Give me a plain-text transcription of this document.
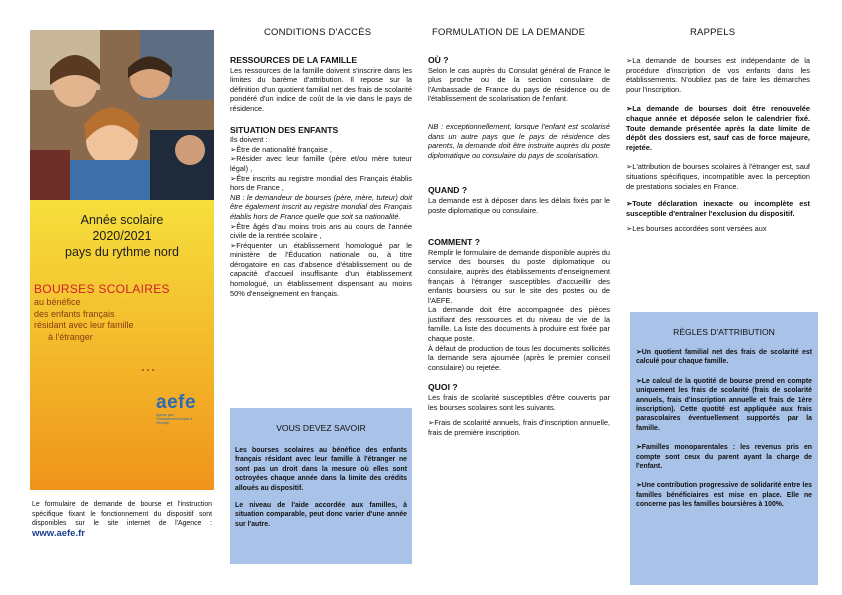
Année scolaire
2020/2021
pays du rythme nord
BOURSES SCOLAIRES
au bénéfice
des enfants français
résidant avec leur famille
à l'étranger
…
aefe
Agence pour l'enseignement français à l'étranger
Le formulaire de demande de bourse et l'instruction spécifique fixant le fonctionnement du dispositif sont disponibles sur le site internet de l'Agence : www.aefe.fr
CONDITIONS D'ACCÈS
RESSOURCES DE LA FAMILLE

Les ressources de la famille doivent s'inscrire dans les limites du barème d'attribution. Il repose sur la définition d'un quotient familial net des frais de scolarité pondéré d'un indice de coût de la vie dans le pays de résidence.

SITUATION DES ENFANTS

Ils doivent :

➢ Être de nationalité française ,

➢ Résider avec leur famille (père et/ou mère tuteur légal) ,

➢ Être inscrits au registre mondial des Français établis hors de France ,

NB : le demandeur de bourses (père, mère, tuteur) doit être également inscrit au registre mondial des Français établis hors de France quelle que soit sa nationalité.

➢ Être âgés d'au moins trois ans au cours de l'année civile de la rentrée scolaire ,

➢ Fréquenter un établissement homologué par le ministère de l'Éducation nationale ou, à titre dérogatoire en cas d'absence d'établissement ou de capacité d'accueil insuffisante d'un établissement homologué, un établissement dispensant au moins 50% d'enseignement en français.

VOUS DEVEZ SAVOIR

Les bourses scolaires au bénéfice des enfants français résidant avec leur famille à l'étranger ne sont pas un droit dans la mesure où elles sont octroyées chaque année dans la limite des crédits alloués au dispositif.

Le niveau de l'aide accordée aux familles, à situation comparable, peut donc varier d'une année sur l'autre.

FORMULATION DE LA DEMANDE
OÙ ?

Selon le cas auprès du Consulat général de France le plus proche ou de la section consulaire de l'Ambassade de France du pays de résidence ou de l'établissement de scolarisation de l'enfant.

NB : exceptionnellement, lorsque l'enfant est scolarisé dans un autre pays que le pays de résidence des parents, la demande doit être instruite auprès du poste diplomatique ou consulaire du pays de scolarisation.

QUAND ?

La demande est à déposer dans les délais fixés par le poste diplomatique ou consulaire.

COMMENT ?

Remplir le formulaire de demande disponible auprès du service des bourses du poste diplomatique ou consulaire, auprès des établissements d'enseignement français à l'étranger susceptibles d'accueillir des enfants boursiers ou sur le site des postes ou de l'AEFE.

La demande doit être accompagnée des pièces justifiant des ressources et du niveau de vie de la famille. La liste des documents à produire est fixée par chaque poste.

À défaut de production de tous les documents sollicités la demande sera ajournée (après le premier conseil consulaire) ou rejetée.

QUOI ?

Les frais de scolarité susceptibles d'être couverts par les bourses scolaires sont les suivants.

➢ Frais de scolarité annuels, frais d'inscription annuelle, frais de première inscription.

RAPPELS

➢ La demande de bourses est indépendante de la procédure d'inscription de vos enfants dans les établissements. N'oubliez pas de faire les démarches pour l'inscription.

➢ La demande de bourses doit être renouvelée chaque année et déposée selon le calendrier fixé. Toute demande présentée après la date limite de dépôt des dossiers est, sauf cas de force majeure, rejetée.

➢ L'attribution de bourses scolaires à l'étranger est, sauf situations spécifiques, incompatible avec la perception de prestations sociales en France.

➢ Toute déclaration inexacte ou incomplète est susceptible d'entraîner l'exclusion du dispositif.

➢ Les bourses accordées sont versées aux

RÈGLES D'ATTRIBUTION

➢ Un quotient familial net des frais de scolarité est calculé pour chaque famille.

➢ Le calcul de la quotité de bourse prend en compte uniquement les frais de scolarité (frais de scolarité annuels, frais d'inscription annuelle et frais de 1ère inscription). Cette quotité est appliquée aux frais parascolaires éventuellement supportés par la famille.

➢ Familles monoparentales : les revenus pris en compte sont ceux du parent ayant la charge de l'enfant.

➢ Une contribution progressive de solidarité entre les familles bénéficiaires est mise en place. Elle ne concerne pas les familles boursières à 100%.
